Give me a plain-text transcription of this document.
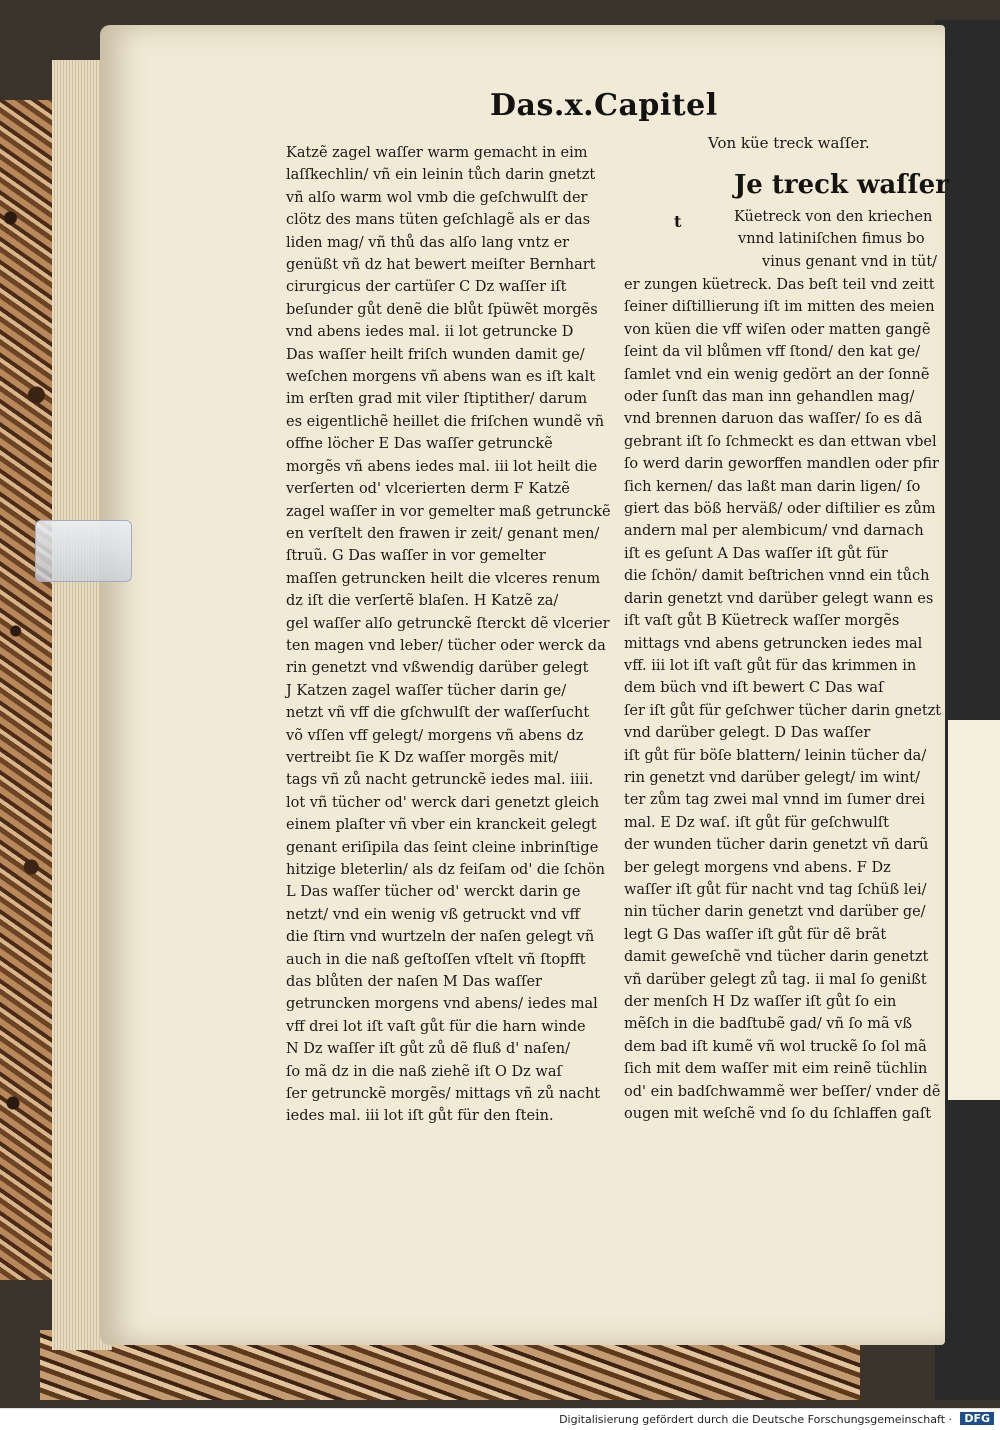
Das.x.Capitel
Katzẽ zagel waſſer warm gemacht in eim
laſſkechlin/ vñ ein leinin tůch darin gnetzt
vñ alſo warm wol vmb die geſchwulſt der
clötz des mans tüten geſchlagẽ als er das
liden mag/ vñ thů das alſo lang vntz er
genüßt vñ dz hat bewert meiſter Bernhart
cirurgicus der cartüſer C Dz waſſer iſt
beſunder gůt denẽ die blůt ſpüwẽt morgẽs
vnd abens iedes mal. ii lot getruncke D
Das waſſer heilt friſch wunden damit ge/
weſchen morgens vñ abens wan es iſt kalt
im erſten grad mit viler ſtiptither/ darum
es eigentlichẽ heillet die friſchen wundẽ vñ
offne löcher E Das waſſer getrunckẽ
morgẽs vñ abens iedes mal. iii lot heilt die
verſerten od' vlcerierten derm F Katzẽ
zagel waſſer in vor gemelter maß getrunckẽ
en verſtelt den frawen ir zeit/ genant men/
ſtruũ. G Das waſſer in vor gemelter
maſſen getruncken heilt die vlceres renum
dz iſt die verſertẽ blaſen. H Katzẽ za/
gel waſſer alſo getrunckẽ ſterckt dẽ vlcerier
ten magen vnd leber/ tücher oder werck da
rin genetzt vnd vßwendig darüber gelegt
J Katzen zagel waſſer tücher darin ge/
netzt vñ vff die gſchwulſt der waſſerſucht
võ vſſen vff gelegt/ morgens vñ abens dz
vertreibt ſie K Dz waſſer morgẽs mit/
tags vñ zů nacht getrunckẽ iedes mal. iiii.
lot vñ tücher od' werck dari genetzt gleich
einem plaſter vñ vber ein kranckeit gelegt
genant eriſipila das ſeint cleine inbrinſtige
hitzige bleterlin/ als dz feiſam od' die ſchön
L Das waſſer tücher od' werckt darin ge
netzt/ vnd ein wenig vß getruckt vnd vff
die ſtirn vnd wurtzeln der naſen gelegt vñ
auch in die naß geſtoſſen vſtelt vñ ſtopfft
das blůten der naſen M Das waſſer
getruncken morgens vnd abens/ iedes mal
vff drei lot iſt vaſt gůt für die harn winde
N Dz waſſer iſt gůt zů dẽ fluß d' naſen/
ſo mã dz in die naß ziehẽ iſt O Dz waſ
ſer getrunckẽ morgẽs/ mittags vñ zů nacht
iedes mal. iii lot iſt gůt für den ſtein.
Von küe treck waſſer.
Je treck waſſer
t	Küetreck von den kriechen
vnnd latiniſchen fimus bo
vinus genant vnd in tüt/
er zungen küetreck. Das beſt teil vnd zeitt
ſeiner diſtillierung iſt im mitten des meien
von küen die vff wiſen oder matten gangẽ
ſeint da vil blůmen vff ſtond/ den kat ge/
ſamlet vnd ein wenig gedört an der ſonnẽ
oder ſunſt das man inn gehandlen mag/
vnd brennen daruon das waſſer/ ſo es dã
gebrant iſt ſo ſchmeckt es dan ettwan vbel
ſo werd darin geworffen mandlen oder pfir
ſich kernen/ das laßt man darin ligen/ ſo
giert das böß herväß/ oder diſtilier es zům
andern mal per alembicum/ vnd darnach
iſt es geſunt A Das waſſer iſt gůt für
die ſchön/ damit beſtrichen vnnd ein tůch
darin genetzt vnd darüber gelegt wann es
iſt vaſt gůt B Küetreck waſſer morgẽs
mittags vnd abens getruncken iedes mal
vff. iii lot iſt vaſt gůt für das krimmen in
dem büch vnd iſt bewert C Das waſ
ſer iſt gůt für geſchwer tücher darin gnetzt
vnd darüber gelegt. D Das waſſer
iſt gůt für böſe blattern/ leinin tücher da/
rin genetzt vnd darüber gelegt/ im wint/
ter zům tag zwei mal vnnd im ſumer drei
mal. E Dz waſ. iſt gůt für geſchwulſt
der wunden tücher darin genetzt vñ darũ
ber gelegt morgens vnd abens. F Dz
waſſer iſt gůt für nacht vnd tag ſchüß lei/
nin tücher darin genetzt vnd darüber ge/
legt G Das waſſer iſt gůt für dẽ brãt
damit geweſchẽ vnd tücher darin genetzt
vñ darüber gelegt zů tag. ii mal ſo genißt
der menſch H Dz waſſer iſt gůt ſo ein
mẽſch in die badſtubẽ gad/ vñ ſo mã vß
dem bad iſt kumẽ vñ wol truckẽ ſo ſol mã
ſich mit dem waſſer mit eim reinẽ tüchlin
od' ein badſchwammẽ wer beſſer/ vnder dẽ
ougen mit weſchẽ vnd ſo du ſchlaffen gaſt
Digitalisierung gefördert durch die Deutsche Forschungsgemeinschaft ·	DFG
